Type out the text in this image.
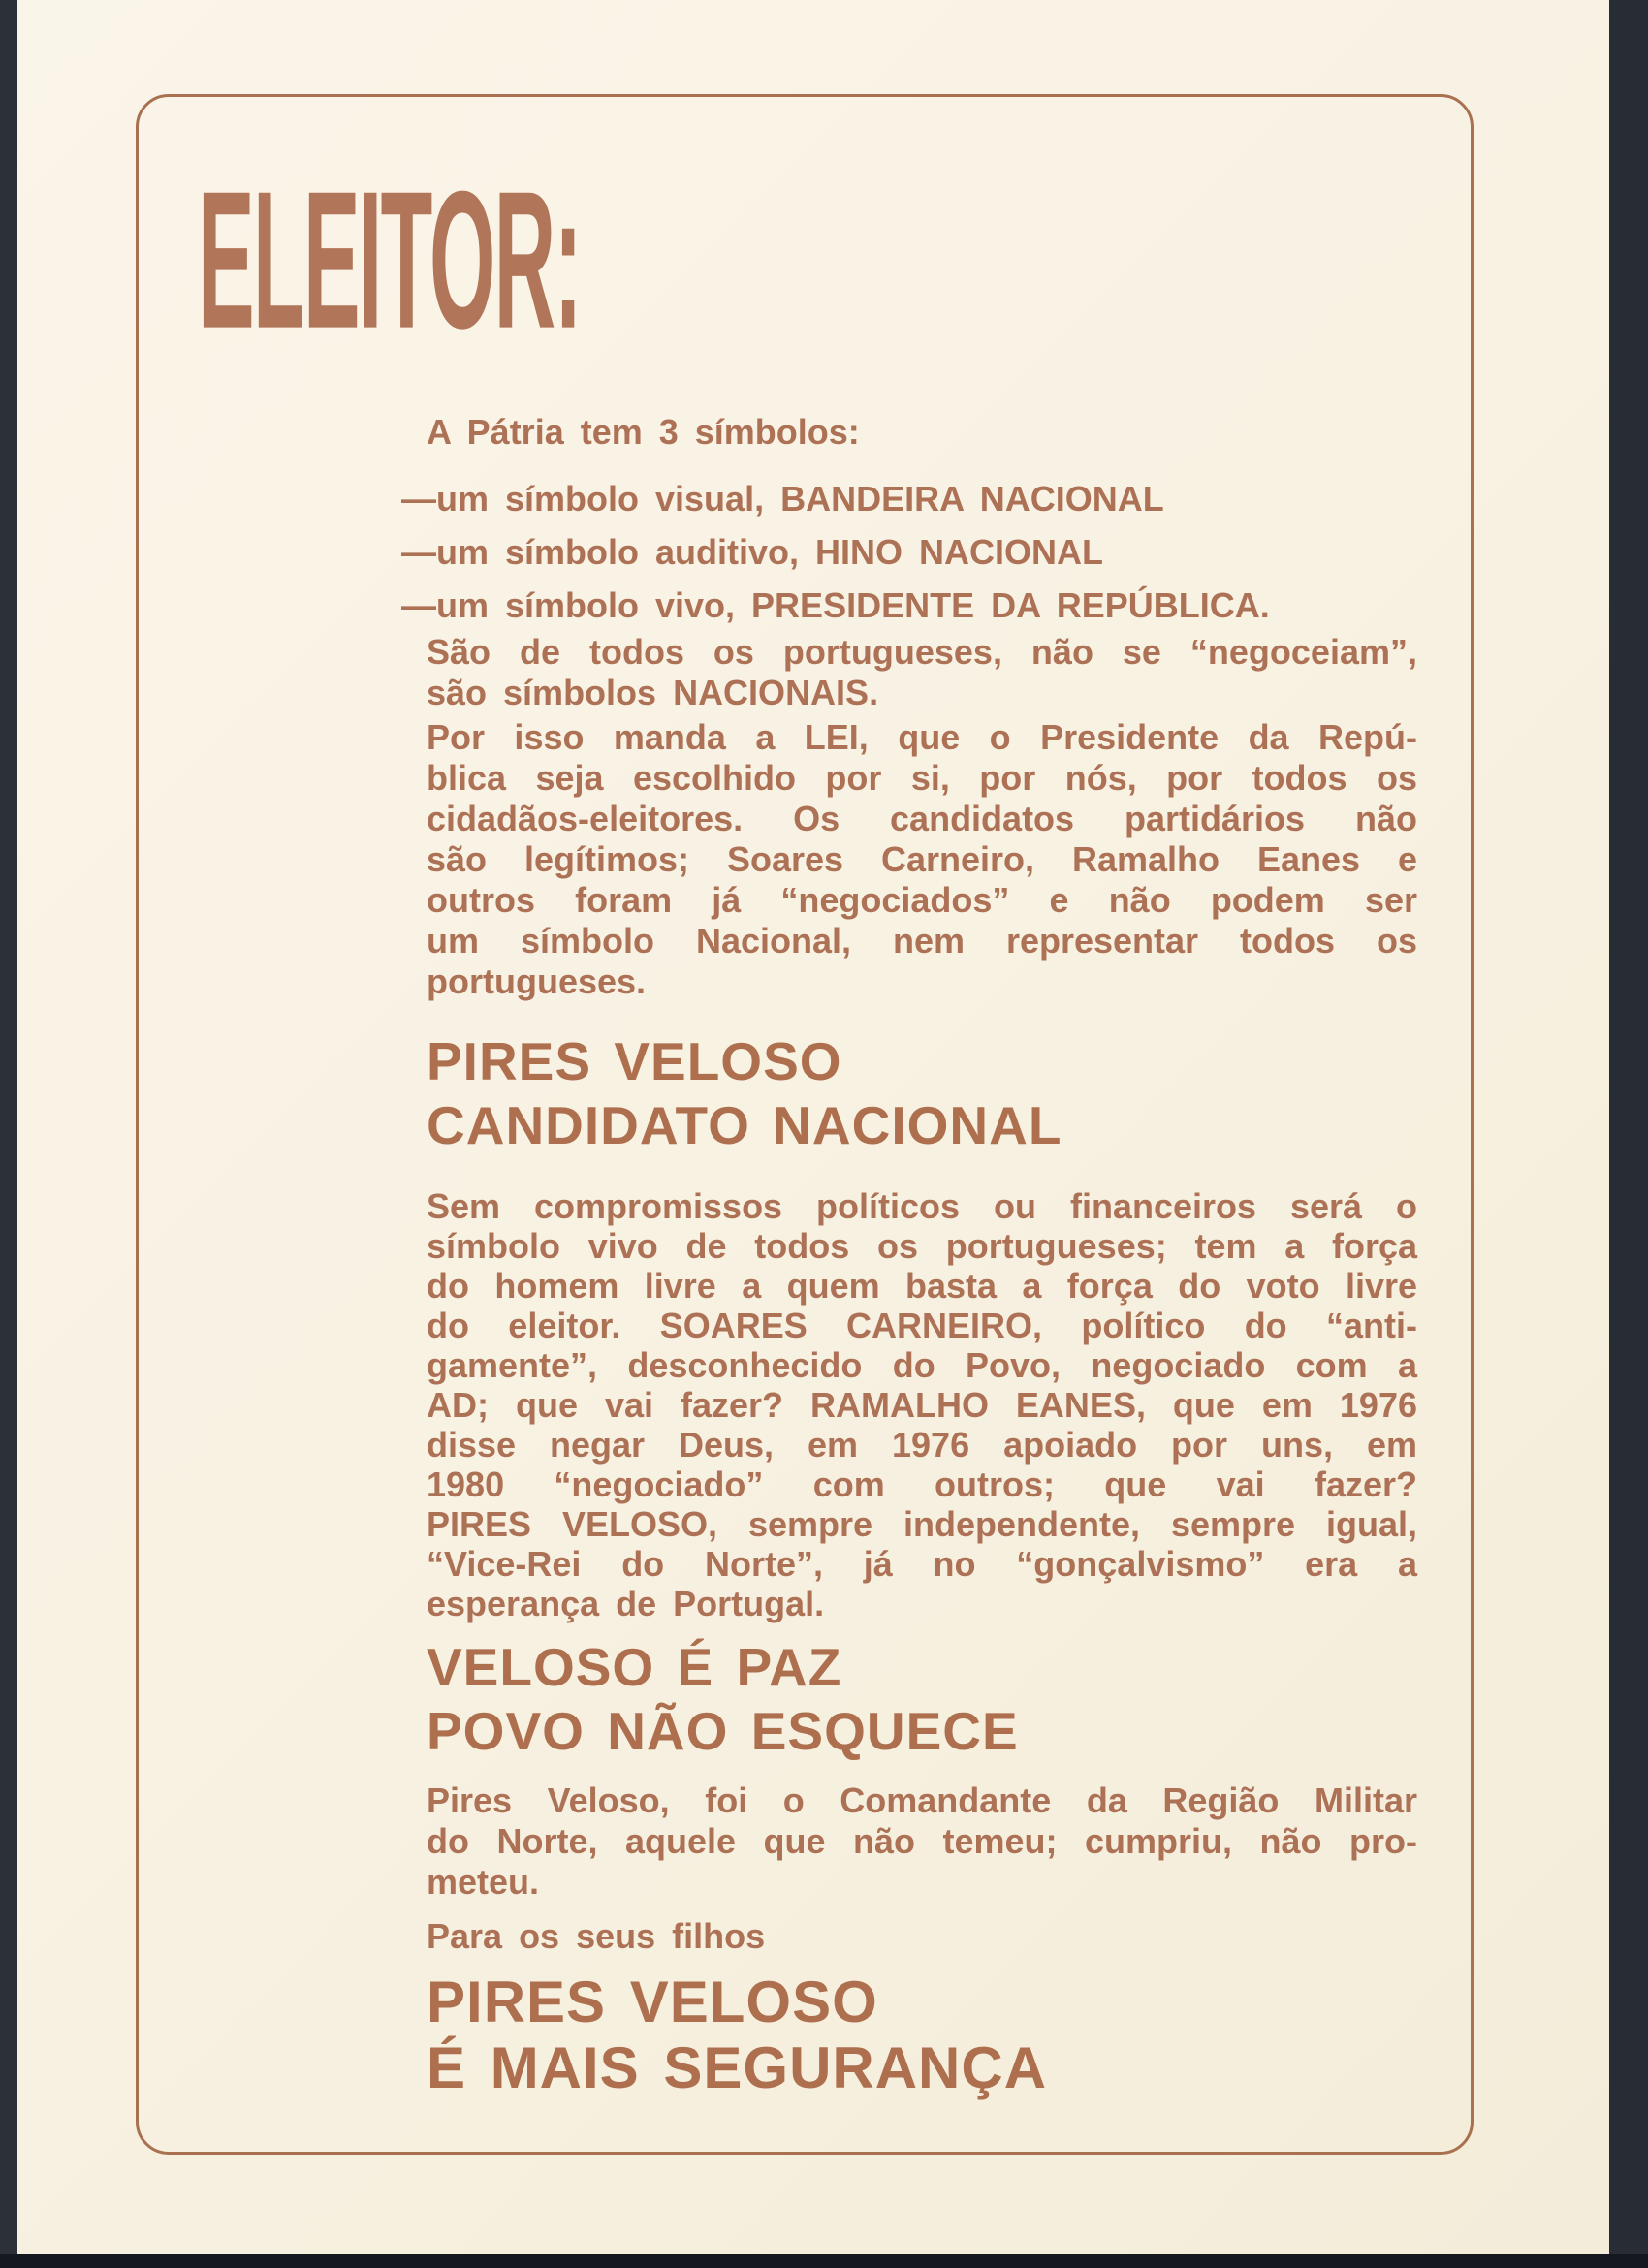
ELEITOR:
A Pátria tem 3 símbolos:
—um símbolo visual, BANDEIRA NACIONAL
—um símbolo auditivo, HINO NACIONAL
—um símbolo vivo, PRESIDENTE DA REPÚBLICA.
São de todos os portugueses, não se “negoceiam”,
são símbolos NACIONAIS.
Por isso manda a LEI, que o Presidente da Repú-
blica seja escolhido por si, por nós, por todos os
cidadãos-eleitores. Os candidatos partidários não
são legítimos; Soares Carneiro, Ramalho Eanes e
outros foram já “negociados” e não podem ser
um símbolo Nacional, nem representar todos os
portugueses.
PIRES VELOSO
CANDIDATO NACIONAL
Sem compromissos políticos ou financeiros será o
símbolo vivo de todos os portugueses; tem a força
do homem livre a quem basta a força do voto livre
do eleitor. SOARES CARNEIRO, político do “anti-
gamente”, desconhecido do Povo, negociado com a
AD; que vai fazer? RAMALHO EANES, que em 1976
disse negar Deus, em 1976 apoiado por uns, em
1980 “negociado” com outros; que vai fazer?
PIRES VELOSO, sempre independente, sempre igual,
“Vice-Rei do Norte”, já no “gonçalvismo” era a
esperança de Portugal.
VELOSO É PAZ
POVO NÃO ESQUECE
Pires Veloso, foi o Comandante da Região Militar
do Norte, aquele que não temeu; cumpriu, não pro-
meteu.
Para os seus filhos
PIRES VELOSO
É MAIS SEGURANÇA
